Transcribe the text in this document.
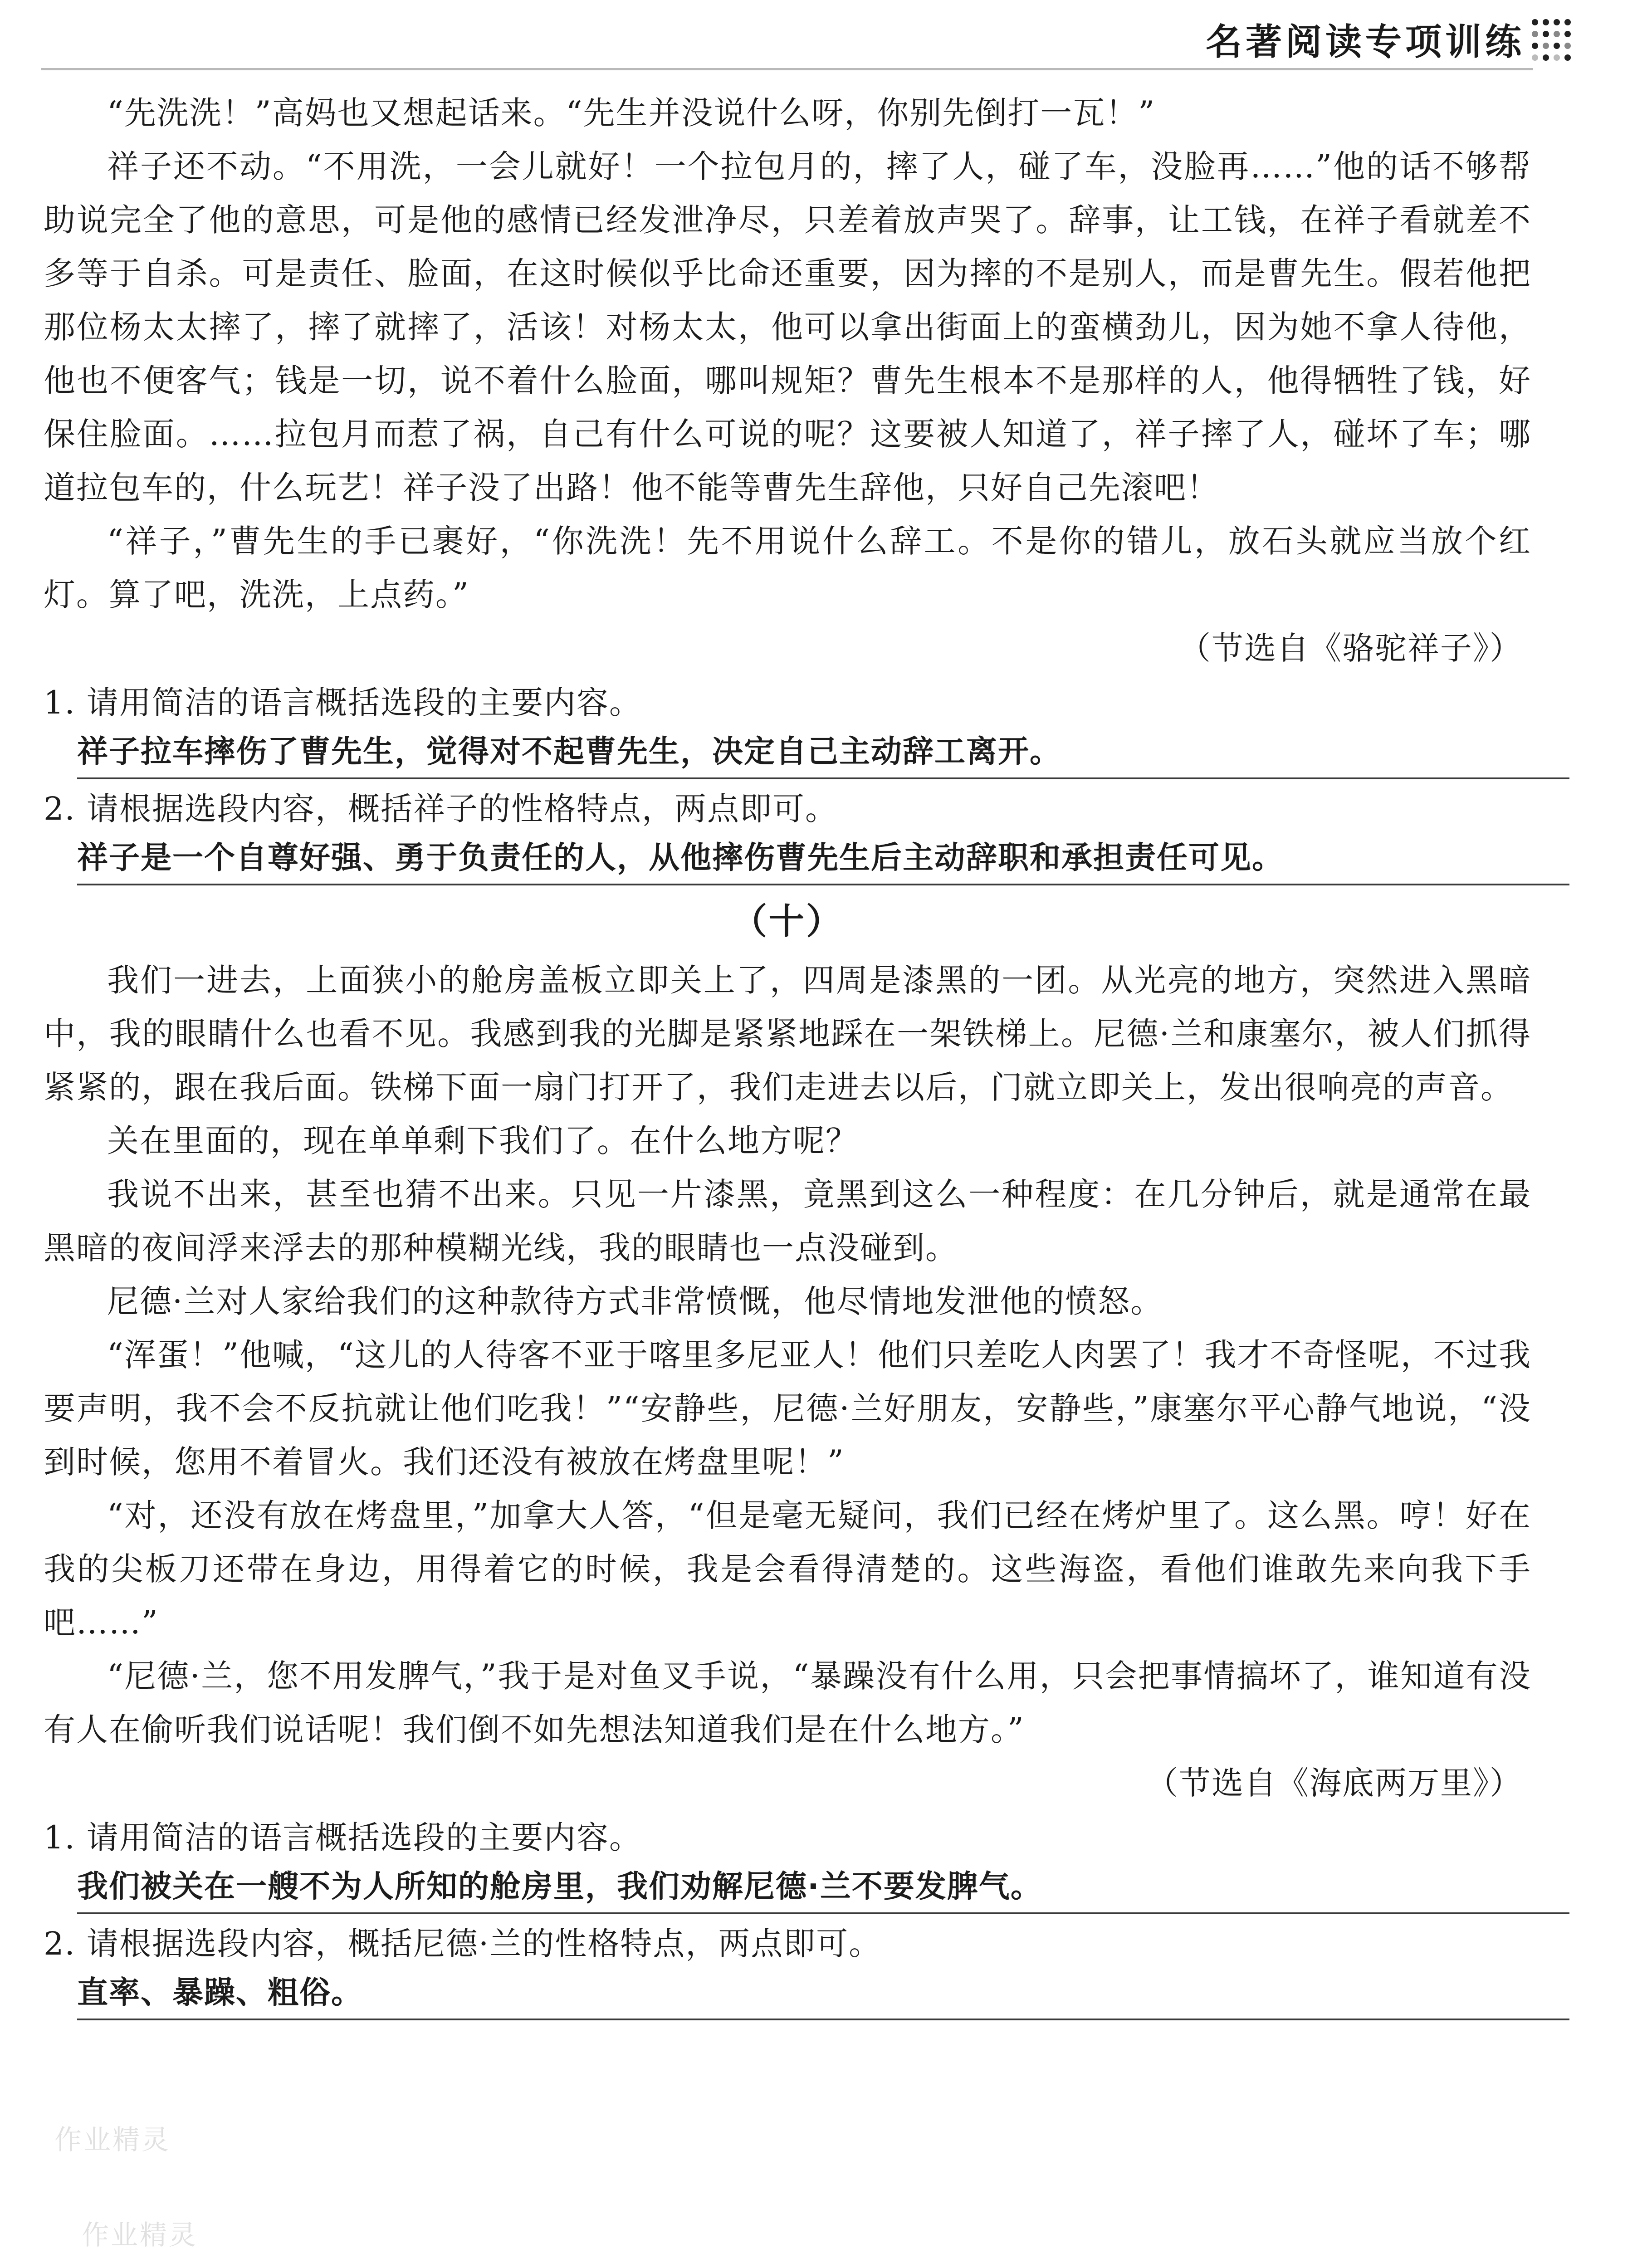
名著阅读专项训练

“先洗洗！”高妈也又想起话来。“先生并没说什么呀，你别先倒打一瓦！”

祥子还不动。“不用洗，一会儿就好！一个拉包月的，摔了人，碰了车，没脸再……”他的话不够帮助说完全了他的意思，可是他的感情已经发泄净尽，只差着放声哭了。辞事，让工钱，在祥子看就差不多等于自杀。可是责任、脸面，在这时候似乎比命还重要，因为摔的不是别人，而是曹先生。假若他把那位杨太太摔了，摔了就摔了，活该！对杨太太，他可以拿出街面上的蛮横劲儿，因为她不拿人待他，他也不便客气；钱是一切，说不着什么脸面，哪叫规矩？曹先生根本不是那样的人，他得牺牲了钱，好保住脸面。……拉包月而惹了祸，自己有什么可说的呢？这要被人知道了，祥子摔了人，碰坏了车；哪道拉包车的，什么玩艺！祥子没了出路！他不能等曹先生辞他，只好自己先滚吧！

“祥子，”曹先生的手已裹好，“你洗洗！先不用说什么辞工。不是你的错儿，放石头就应当放个红灯。算了吧，洗洗，上点药。”

（节选自《骆驼祥子》）
1. 请用简洁的语言概括选段的主要内容。
祥子拉车摔伤了曹先生，觉得对不起曹先生，决定自己主动辞工离开。
2. 请根据选段内容，概括祥子的性格特点，两点即可。
祥子是一个自尊好强、勇于负责任的人，从他摔伤曹先生后主动辞职和承担责任可见。
（十）

我们一进去，上面狭小的舱房盖板立即关上了，四周是漆黑的一团。从光亮的地方，突然进入黑暗中，我的眼睛什么也看不见。我感到我的光脚是紧紧地踩在一架铁梯上。尼德·兰和康塞尔，被人们抓得紧紧的，跟在我后面。铁梯下面一扇门打开了，我们走进去以后，门就立即关上，发出很响亮的声音。

关在里面的，现在单单剩下我们了。在什么地方呢？

我说不出来，甚至也猜不出来。只见一片漆黑，竟黑到这么一种程度：在几分钟后，就是通常在最黑暗的夜间浮来浮去的那种模糊光线，我的眼睛也一点没碰到。

尼德·兰对人家给我们的这种款待方式非常愤慨，他尽情地发泄他的愤怒。

“浑蛋！”他喊，“这儿的人待客不亚于喀里多尼亚人！他们只差吃人肉罢了！我才不奇怪呢，不过我要声明，我不会不反抗就让他们吃我！”“安静些，尼德·兰好朋友，安静些，”康塞尔平心静气地说，“没到时候，您用不着冒火。我们还没有被放在烤盘里呢！”

“对，还没有放在烤盘里，”加拿大人答，“但是毫无疑问，我们已经在烤炉里了。这么黑。哼！好在我的尖板刀还带在身边，用得着它的时候，我是会看得清楚的。这些海盗，看他们谁敢先来向我下手吧……”

“尼德·兰，您不用发脾气，”我于是对鱼叉手说，“暴躁没有什么用，只会把事情搞坏了，谁知道有没有人在偷听我们说话呢！我们倒不如先想法知道我们是在什么地方。”

（节选自《海底两万里》）
1. 请用简洁的语言概括选段的主要内容。
我们被关在一艘不为人所知的舱房里，我们劝解尼德·兰不要发脾气。
2. 请根据选段内容，概括尼德·兰的性格特点，两点即可。
直率、暴躁、粗俗。
作业精灵
作业精灵
